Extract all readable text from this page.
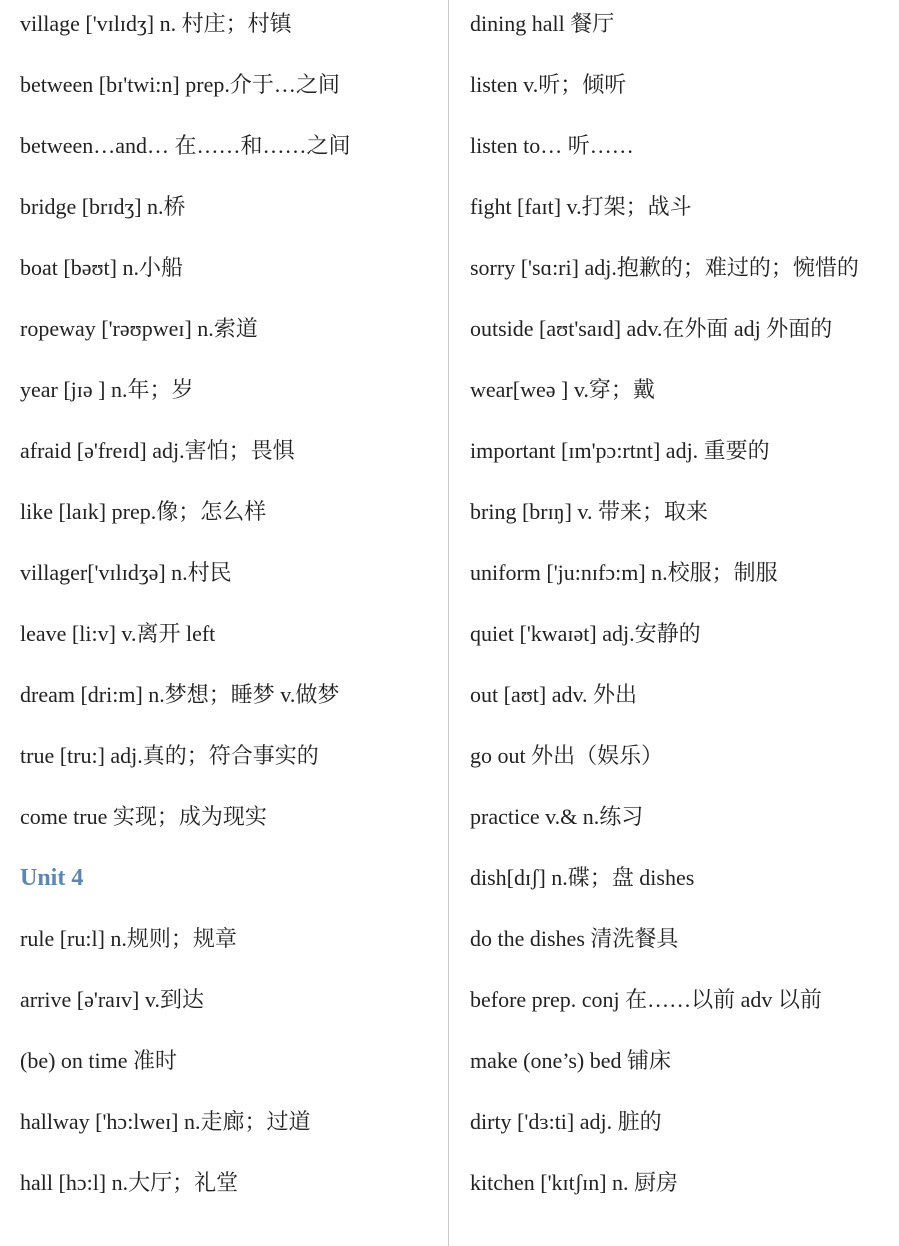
village ['vɪlɪdʒ] n. 村庄；村镇
between [bɪ'twi:n] prep.介于…之间
between…and… 在……和……之间
bridge [brɪdʒ] n.桥
boat [bəʊt] n.小船
ropeway ['rəʊpweɪ] n.索道
year [jɪə ] n.年；岁
afraid [ə'freɪd] adj.害怕；畏惧
like [laɪk] prep.像；怎么样
villager['vɪlɪdʒə] n.村民
leave [li:v] v.离开 left
dream [dri:m] n.梦想；睡梦 v.做梦
true [tru:] adj.真的；符合事实的
come true 实现；成为现实
Unit 4
rule [ru:l] n.规则；规章
arrive [ə'raɪv] v.到达
(be) on time 准时
hallway ['hɔ:lweɪ] n.走廊；过道
hall [hɔ:l] n.大厅；礼堂
dining hall 餐厅
listen v.听；倾听
listen to… 听……
fight [faɪt] v.打架；战斗
sorry ['sɑ:ri] adj.抱歉的；难过的；惋惜的
outside [aʊt'saɪd] adv.在外面 adj 外面的
wear[weə ] v.穿；戴
important [ɪm'pɔ:rtnt] adj. 重要的
bring [brɪŋ] v. 带来；取来
uniform ['ju:nɪfɔ:m] n.校服；制服
quiet ['kwaɪət] adj.安静的
out [aʊt] adv. 外出
go out 外出（娱乐）
practice v.& n.练习
dish[dɪʃ] n.碟；盘 dishes
do the dishes 清洗餐具
before prep. conj 在……以前 adv 以前
make (one’s) bed 铺床
dirty ['dɜ:ti] adj. 脏的
kitchen ['kɪtʃɪn] n. 厨房
